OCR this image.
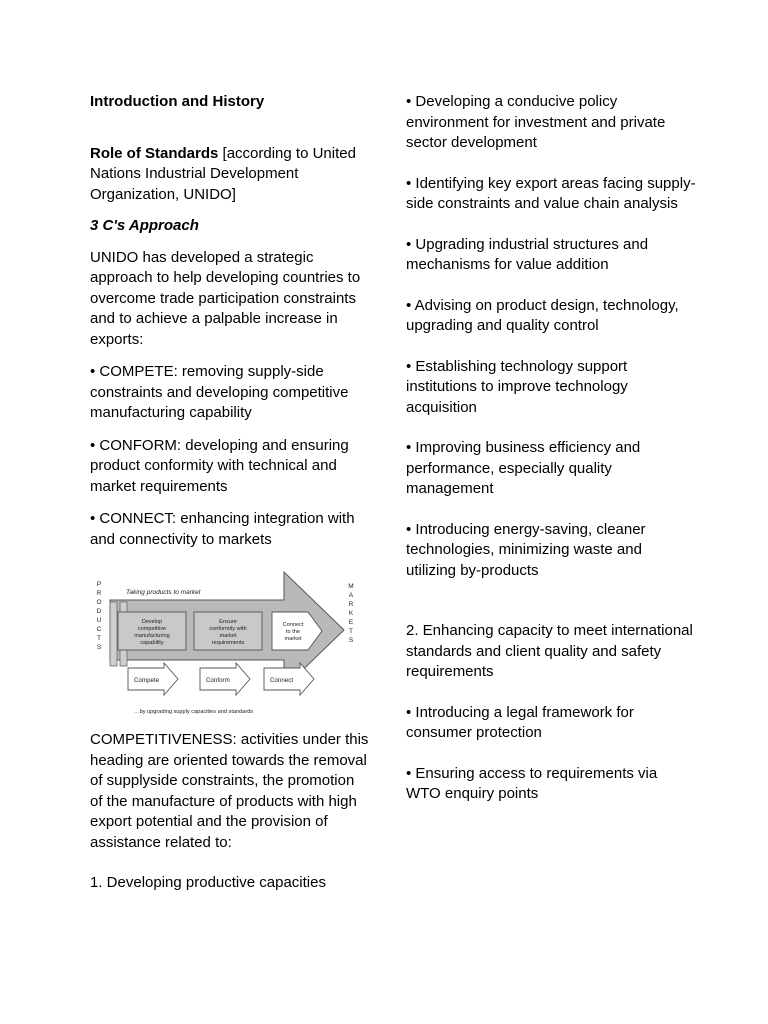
Introduction and History

Role of Standards [according to United Nations Industrial Development Organization, UNIDO]

3 C's Approach

UNIDO has developed a strategic approach to help developing countries to overcome trade participation constraints and to achieve a palpable increase in exports:

• COMPETE: removing supply-side constraints and developing competitive manufacturing capability

• CONFORM: developing and ensuring product conformity with technical and market requirements

• CONNECT: enhancing integration with and connectivity to markets

Taking products to market
P
R
O
D
U
C
T
S
M
A
R
K
E
T
S
Develop
competitive
manufacturing
capability
Ensure
conformity with
market
requirements
Connect
to the
market
Compete	Conform	Connect
…by upgrading supply capacities and standards

COMPETITIVENESS: activities under this heading are oriented towards the removal of supplyside constraints, the promotion of the manufacture of products with high export potential and the provision of assistance related to:

1. Developing productive capacities

• Developing a conducive policy environment for investment and private sector development

• Identifying key export areas facing supply-side constraints and value chain analysis

• Upgrading industrial structures and mechanisms for value addition

• Advising on product design, technology, upgrading and quality control

• Establishing technology support institutions to improve technology acquisition

• Improving business efficiency and performance, especially quality management

• Introducing energy-saving, cleaner technologies, minimizing waste and utilizing by-products

2. Enhancing capacity to meet international standards and client quality and safety requirements

• Introducing a legal framework for consumer protection

• Ensuring access to requirements via WTO enquiry points
